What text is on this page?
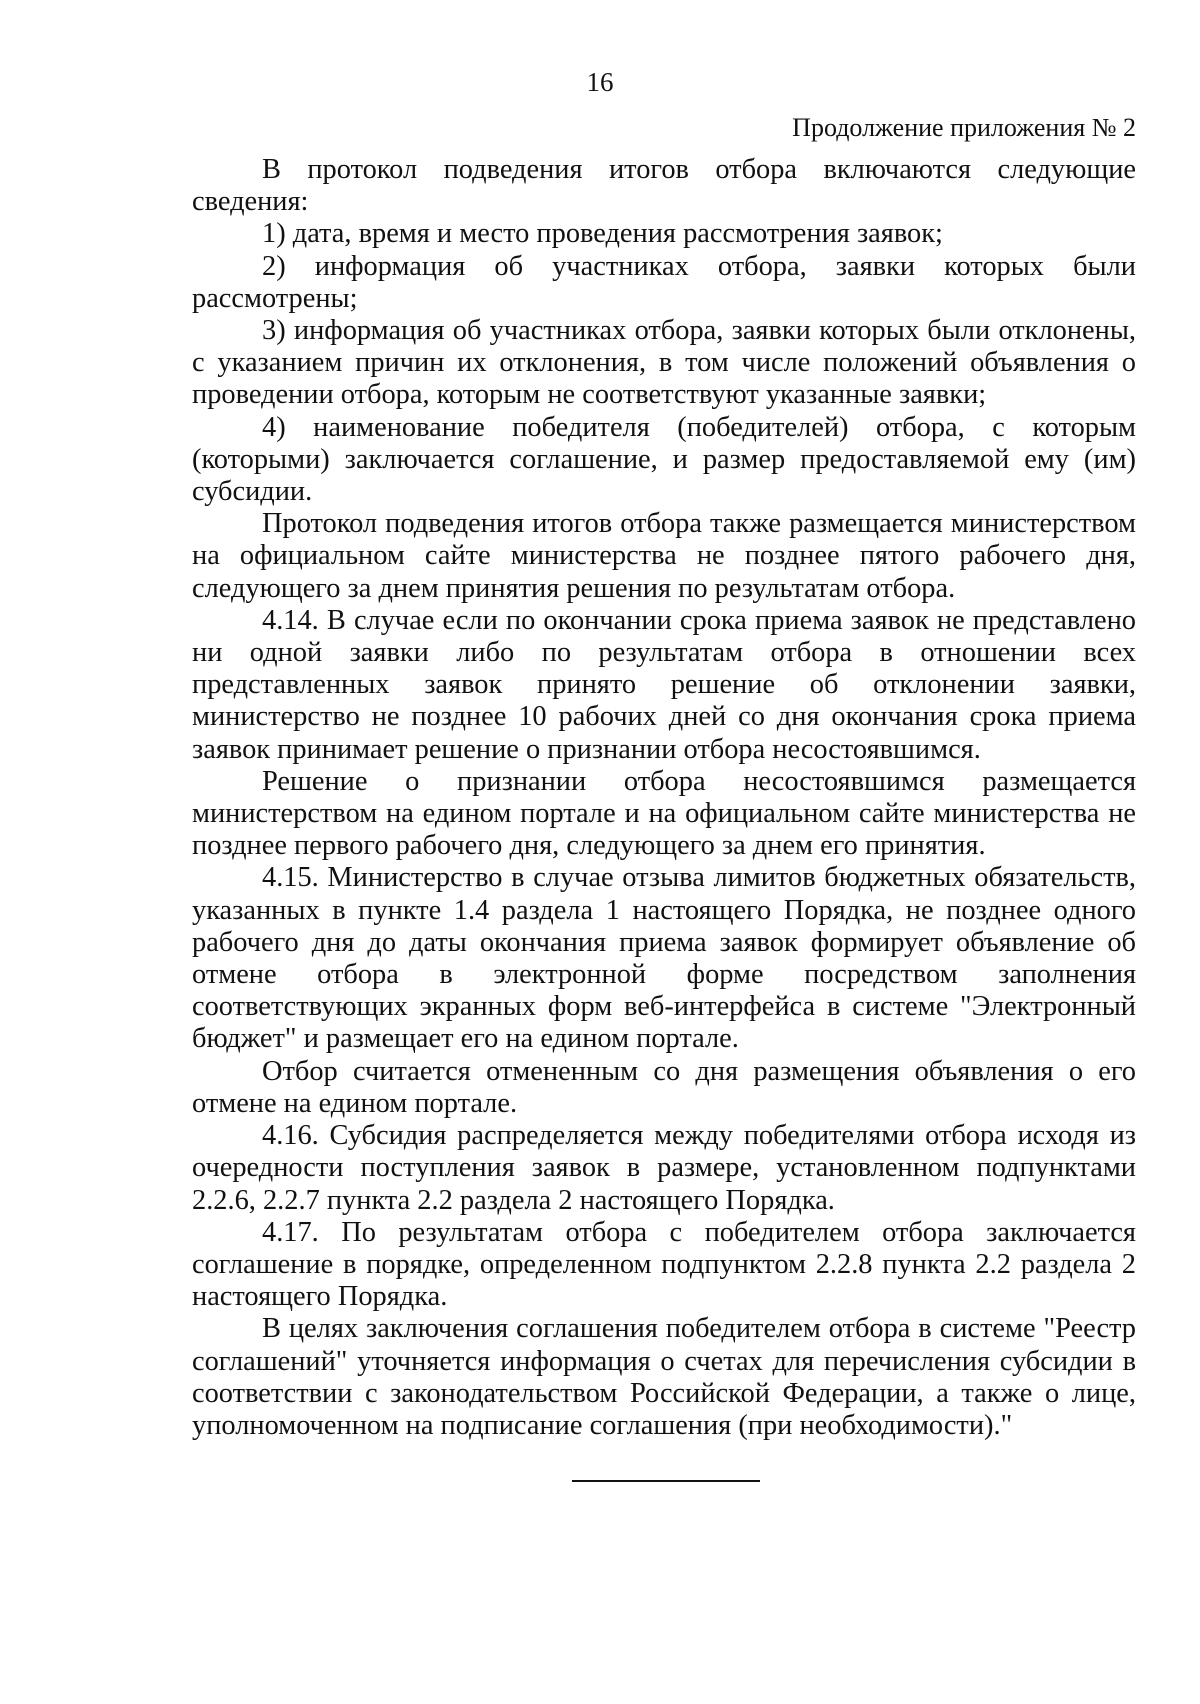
16
Продолжение приложения № 2

В протокол подведения итогов отбора включаются следующие сведения:

1) дата, время и место проведения рассмотрения заявок;

2) информация об участниках отбора, заявки которых были рассмотрены;

3) информация об участниках отбора, заявки которых были отклонены, с указанием причин их отклонения, в том числе положений объявления о проведении отбора, которым не соответствуют указанные заявки;

4) наименование победителя (победителей) отбора, с которым (которыми) заключается соглашение, и размер предоставляемой ему (им) субсидии.

Протокол подведения итогов отбора также размещается министерством на официальном сайте министерства не позднее пятого рабочего дня, следующего за днем принятия решения по результатам отбора.

4.14. В случае если по окончании срока приема заявок не представлено ни одной заявки либо по результатам отбора в отношении всех представленных заявок принято решение об отклонении заявки, министерство не позднее 10 рабочих дней со дня окончания срока приема заявок принимает решение о признании отбора несостоявшимся.

Решение о признании отбора несостоявшимся размещается министерством на едином портале и на официальном сайте министерства не позднее первого рабочего дня, следующего за днем его принятия.

4.15. Министерство в случае отзыва лимитов бюджетных обязательств, указанных в пункте 1.4 раздела 1 настоящего Порядка, не позднее одного рабочего дня до даты окончания приема заявок формирует объявление об отмене отбора в электронной форме посредством заполнения соответствующих экранных форм веб-интерфейса в системе "Электронный бюджет" и размещает его на едином портале.

Отбор считается отмененным со дня размещения объявления о его отмене на едином портале.

4.16. Субсидия распределяется между победителями отбора исходя из очередности поступления заявок в размере, установленном подпунктами 2.2.6, 2.2.7 пункта 2.2 раздела 2 настоящего Порядка.

4.17. По результатам отбора с победителем отбора заключается соглашение в порядке, определенном подпунктом 2.2.8 пункта 2.2 раздела 2 настоящего Порядка.

В целях заключения соглашения победителем отбора в системе "Реестр соглашений" уточняется информация о счетах для перечисления субсидии в соответствии с законодательством Российской Федерации, а также о лице, уполномоченном на подписание соглашения (при необходимости)."
